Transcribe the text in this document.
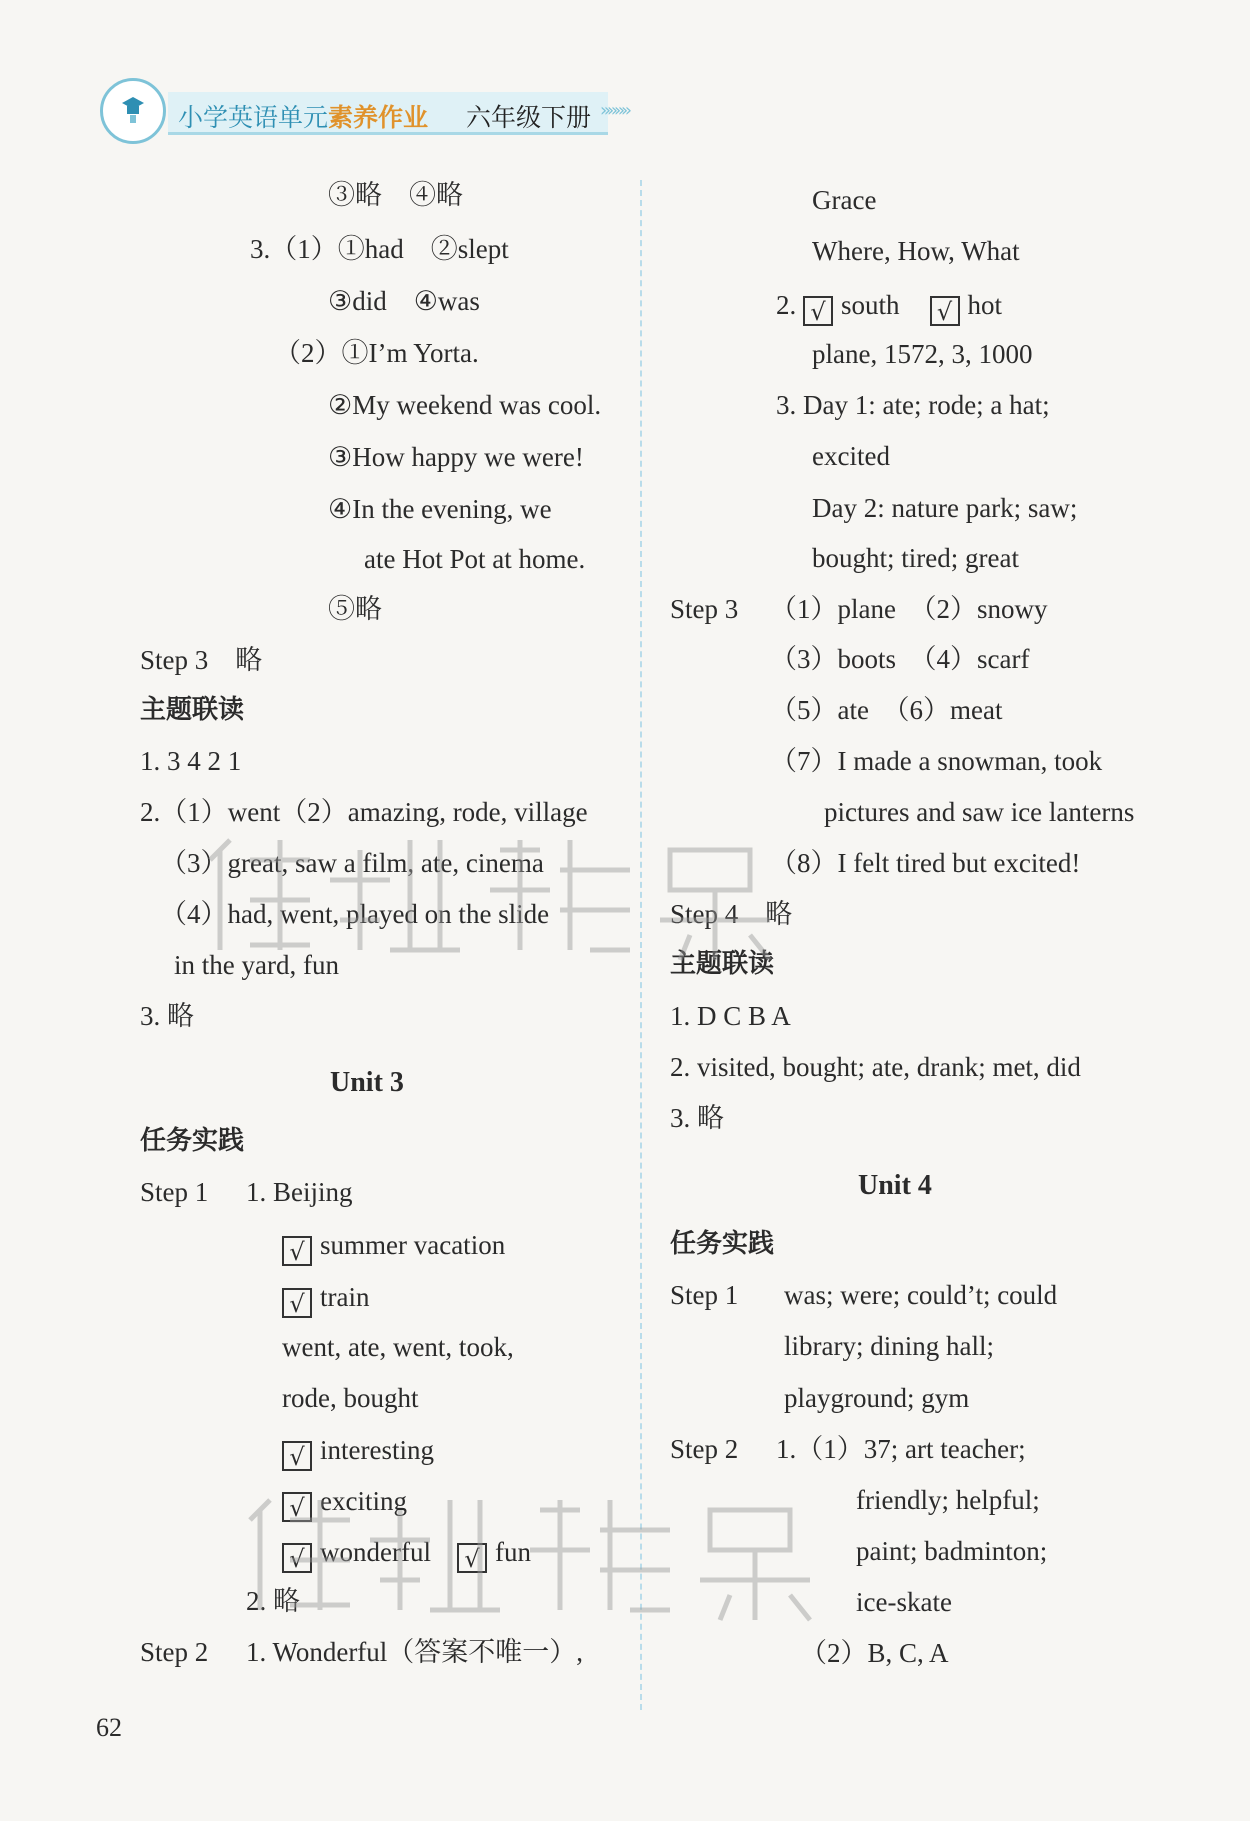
小学英语单元素养作业 六年级下册 »»»»
③略　④略
3.（1）①had　②slept
③did　④was
（2）①I’m Yorta.
②My weekend was cool.
③How happy we were!
④In the evening, we
ate Hot Pot at home.
⑤略
Step 3　略
主题联读
1. 3 4 2 1
2.（1）went（2）amazing, rode, village
（3）great, saw a film, ate, cinema
（4）had, went, played on the slide
in the yard, fun
3. 略
Unit 3
任务实践
Step 1 1. Beijing
√ summer vacation
√ train
went, ate, went, took,
rode, bought
√ interesting
√ exciting
√ wonderful √ fun
2. 略
Step 2 1. Wonderful（答案不唯一）,
Grace
Where, How, What
2. √ south √ hot
plane, 1572, 3, 1000
3. Day 1: ate; rode; a hat;
excited
Day 2: nature park; saw;
bought; tired; great
Step 3 （1）plane　（2）snowy
（3）boots　（4）scarf
（5）ate　（6）meat
（7）I made a snowman, took
pictures and saw ice lanterns
（8）I felt tired but excited!
Step 4　略
主题联读
1. D C B A
2. visited, bought; ate, drank; met, did
3. 略
Unit 4
任务实践
Step 1 was; were; could’t; could
library; dining hall;
playground; gym
Step 2 1.（1）37; art teacher;
friendly; helpful;
paint; badminton;
ice-skate
（2）B, C, A
62
